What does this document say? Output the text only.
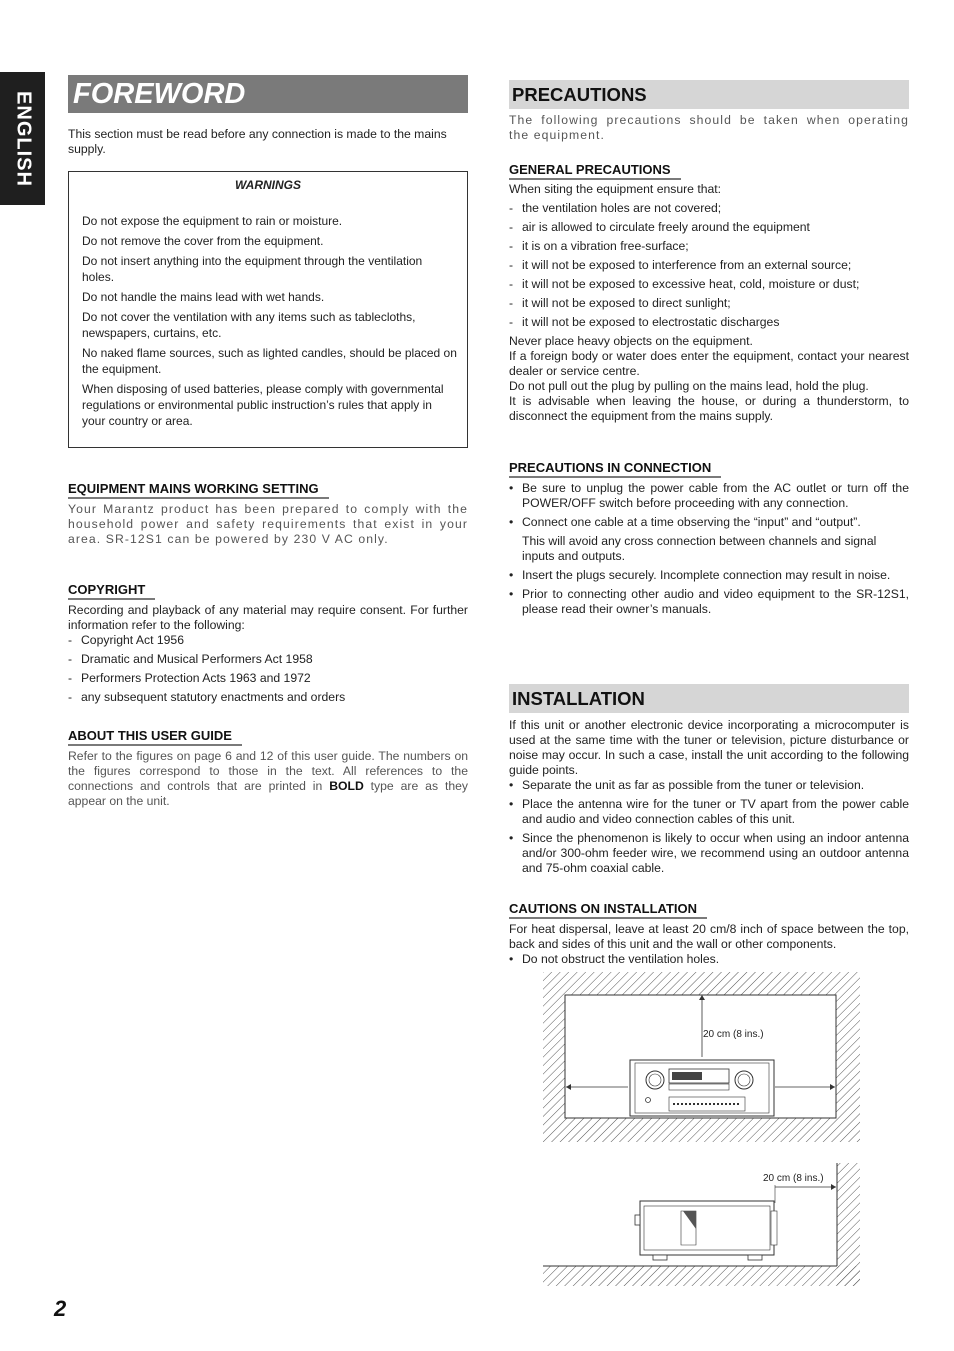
ENGLISH FOREWORD
This section must be read before any connection is made to the mains supply.
WARNINGS
Do not expose the equipment to rain or moisture.
Do not remove the cover from the equipment.
Do not insert anything into the equipment through the ventilation holes.
Do not handle the mains lead with wet hands.
Do not cover the ventilation with any items such as tablecloths, newspapers, curtains, etc.
No naked flame sources, such as lighted candles, should be placed on the equipment.
When disposing of used batteries, please comply with governmental regulations or environmental public instruction’s rules that apply in your country or area.
EQUIPMENT MAINS WORKING SETTING
Your Marantz product has been prepared to comply with the household power and safety requirements that exist in your area. SR-12S1 can be powered by 230 V AC only.
COPYRIGHT
Recording and playback of any material may require consent. For further information refer to the following:
- Copyright Act 1956
- Dramatic and Musical Performers Act 1958
- Performers Protection Acts 1963 and 1972
- any subsequent statutory enactments and orders
ABOUT THIS USER GUIDE
Refer to the figures on page 6 and 12 of this user guide. The numbers on the figures correspond to those in the text. All references to the connections and controls that are printed in BOLD type are as they appear on the unit.
2
PRECAUTIONS
The following precautions should be taken when operating the equipment.
GENERAL PRECAUTIONS
When siting the equipment ensure that:
- the ventilation holes are not covered;
- air is allowed to circulate freely around the equipment
- it is on a vibration free-surface;
- it will not be exposed to interference from an external source;
- it will not be exposed to excessive heat, cold, moisture or dust;
- it will not be exposed to direct sunlight;
- it will not be exposed to electrostatic discharges
Never place heavy objects on the equipment.
If a foreign body or water does enter the equipment, contact your nearest dealer or service centre.
Do not pull out the plug by pulling on the mains lead, hold the plug.
It is advisable when leaving the house, or during a thunderstorm, to disconnect the equipment from the mains supply.
PRECAUTIONS IN CONNECTION
• Be sure to unplug the power cable from the AC outlet or turn off the POWER/OFF switch before proceeding with any connection.
• Connect one cable at a time observing the “input” and “output”.
This will avoid any cross connection between channels and signal inputs and outputs.
• Insert the plugs securely. Incomplete connection may result in noise.
• Prior to connecting other audio and video equipment to the SR-12S1, please read their owner’s manuals.
INSTALLATION
If this unit or another electronic device incorporating a microcomputer is used at the same time with the tuner or television, picture disturbance or noise may occur. In such a case, install the unit according to the following guide points.
• Separate the unit as far as possible from the tuner or television.
• Place the antenna wire for the tuner or TV apart from the power cable and audio and video connection cables of this unit.
• Since the phenomenon is likely to occur when using an indoor antenna and/or 300-ohm feeder wire, we recommend using an outdoor antenna and 75-ohm coaxial cable.
CAUTIONS ON INSTALLATION
For heat dispersal, leave at least 20 cm/8 inch of space between the top, back and sides of this unit and the wall or other components.
• Do not obstruct the ventilation holes.
20 cm (8 ins.)
20 cm (8 ins.)
